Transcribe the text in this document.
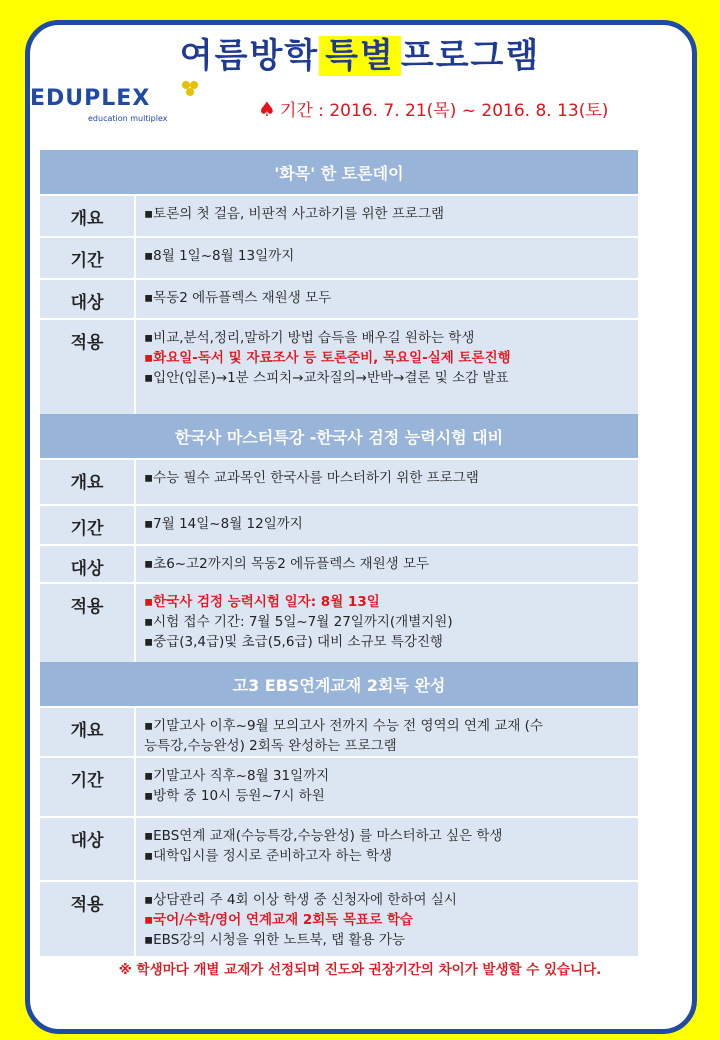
여름방학 특별 프로그램
EDUPLEX
education multiplex	♠ 기간 : 2016. 7. 21(목) ~ 2016. 8. 13(토)
'화목' 한 토론데이
개요	▪토론의 첫 걸음, 비판적 사고하기를 위한 프로그램
기간	▪8월 1일~8월 13일까지
대상	▪목동2 에듀플렉스 재원생 모두
적용	▪비교,분석,정리,말하기 방법 습득을 배우길 원하는 학생
▪화요일-독서 및 자료조사 등 토론준비, 목요일-실제 토론진행
▪입안(입론)→1분 스피치→교차질의→반박→결론 및 소감 발표
한국사 마스터특강 -한국사 검정 능력시험 대비
개요	▪수능 필수 교과목인 한국사를 마스터하기 위한 프로그램
기간	▪7월 14일~8월 12일까지
대상	▪초6~고2까지의 목동2 에듀플렉스 재원생 모두
적용	▪한국사 검정 능력시험 일자: 8월 13일
▪시험 접수 기간: 7월 5일~7월 27일까지(개별지원)
▪중급(3,4급)및 초급(5,6급) 대비 소규모 특강진행
고3 EBS연계교재 2회독 완성
개요	▪기말고사 이후~9월 모의고사 전까지 수능 전 영역의 연계 교재 (수
능특강,수능완성) 2회독 완성하는 프로그램
기간	▪기말고사 직후~8월 31일까지
▪방학 중 10시 등원~7시 하원
대상	▪EBS연계 교재(수능특강,수능완성) 를 마스터하고 싶은 학생
▪대학입시를 정시로 준비하고자 하는 학생
적용	▪상담관리 주 4회 이상 학생 중 신청자에 한하여 실시
▪국어/수학/영어 연계교재 2회독 목표로 학습
▪EBS강의 시청을 위한 노트북, 탭 활용 가능
※ 학생마다 개별 교재가 선정되며 진도와 권장기간의 차이가 발생할 수 있습니다.
